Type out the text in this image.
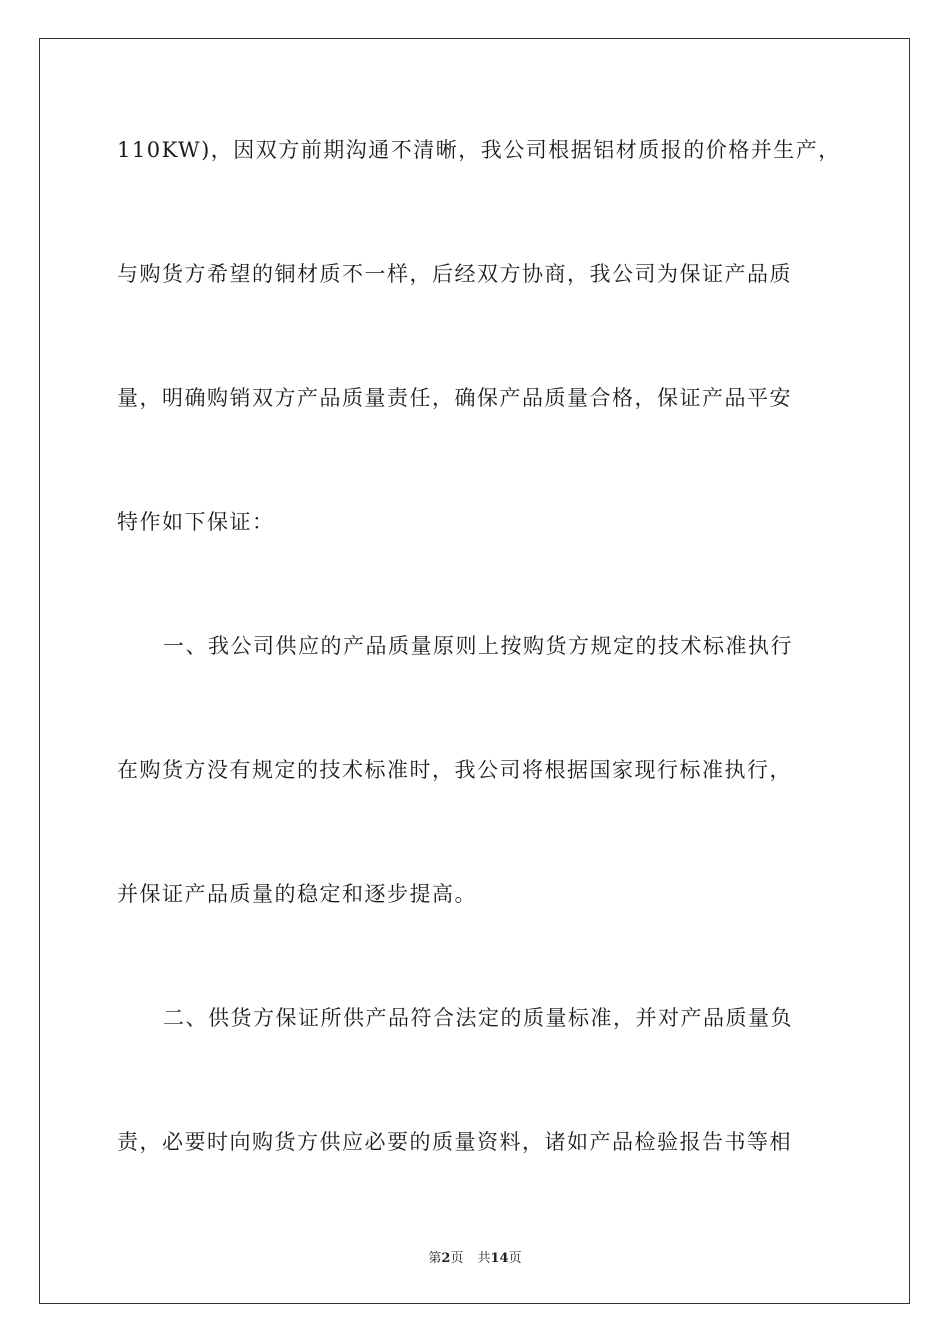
110KW)，因双方前期沟通不清晰，我公司根据铝材质报的价格并生产，

与购货方希望的铜材质不一样，后经双方协商，我公司为保证产品质

量，明确购销双方产品质量责任，确保产品质量合格，保证产品平安

特作如下保证：

一、我公司供应的产品质量原则上按购货方规定的技术标准执行

在购货方没有规定的技术标准时，我公司将根据国家现行标准执行，

并保证产品质量的稳定和逐步提高。

二、供货方保证所供产品符合法定的质量标准，并对产品质量负

责，必要时向购货方供应必要的质量资料，诸如产品检验报告书等相

第2页 共14页
